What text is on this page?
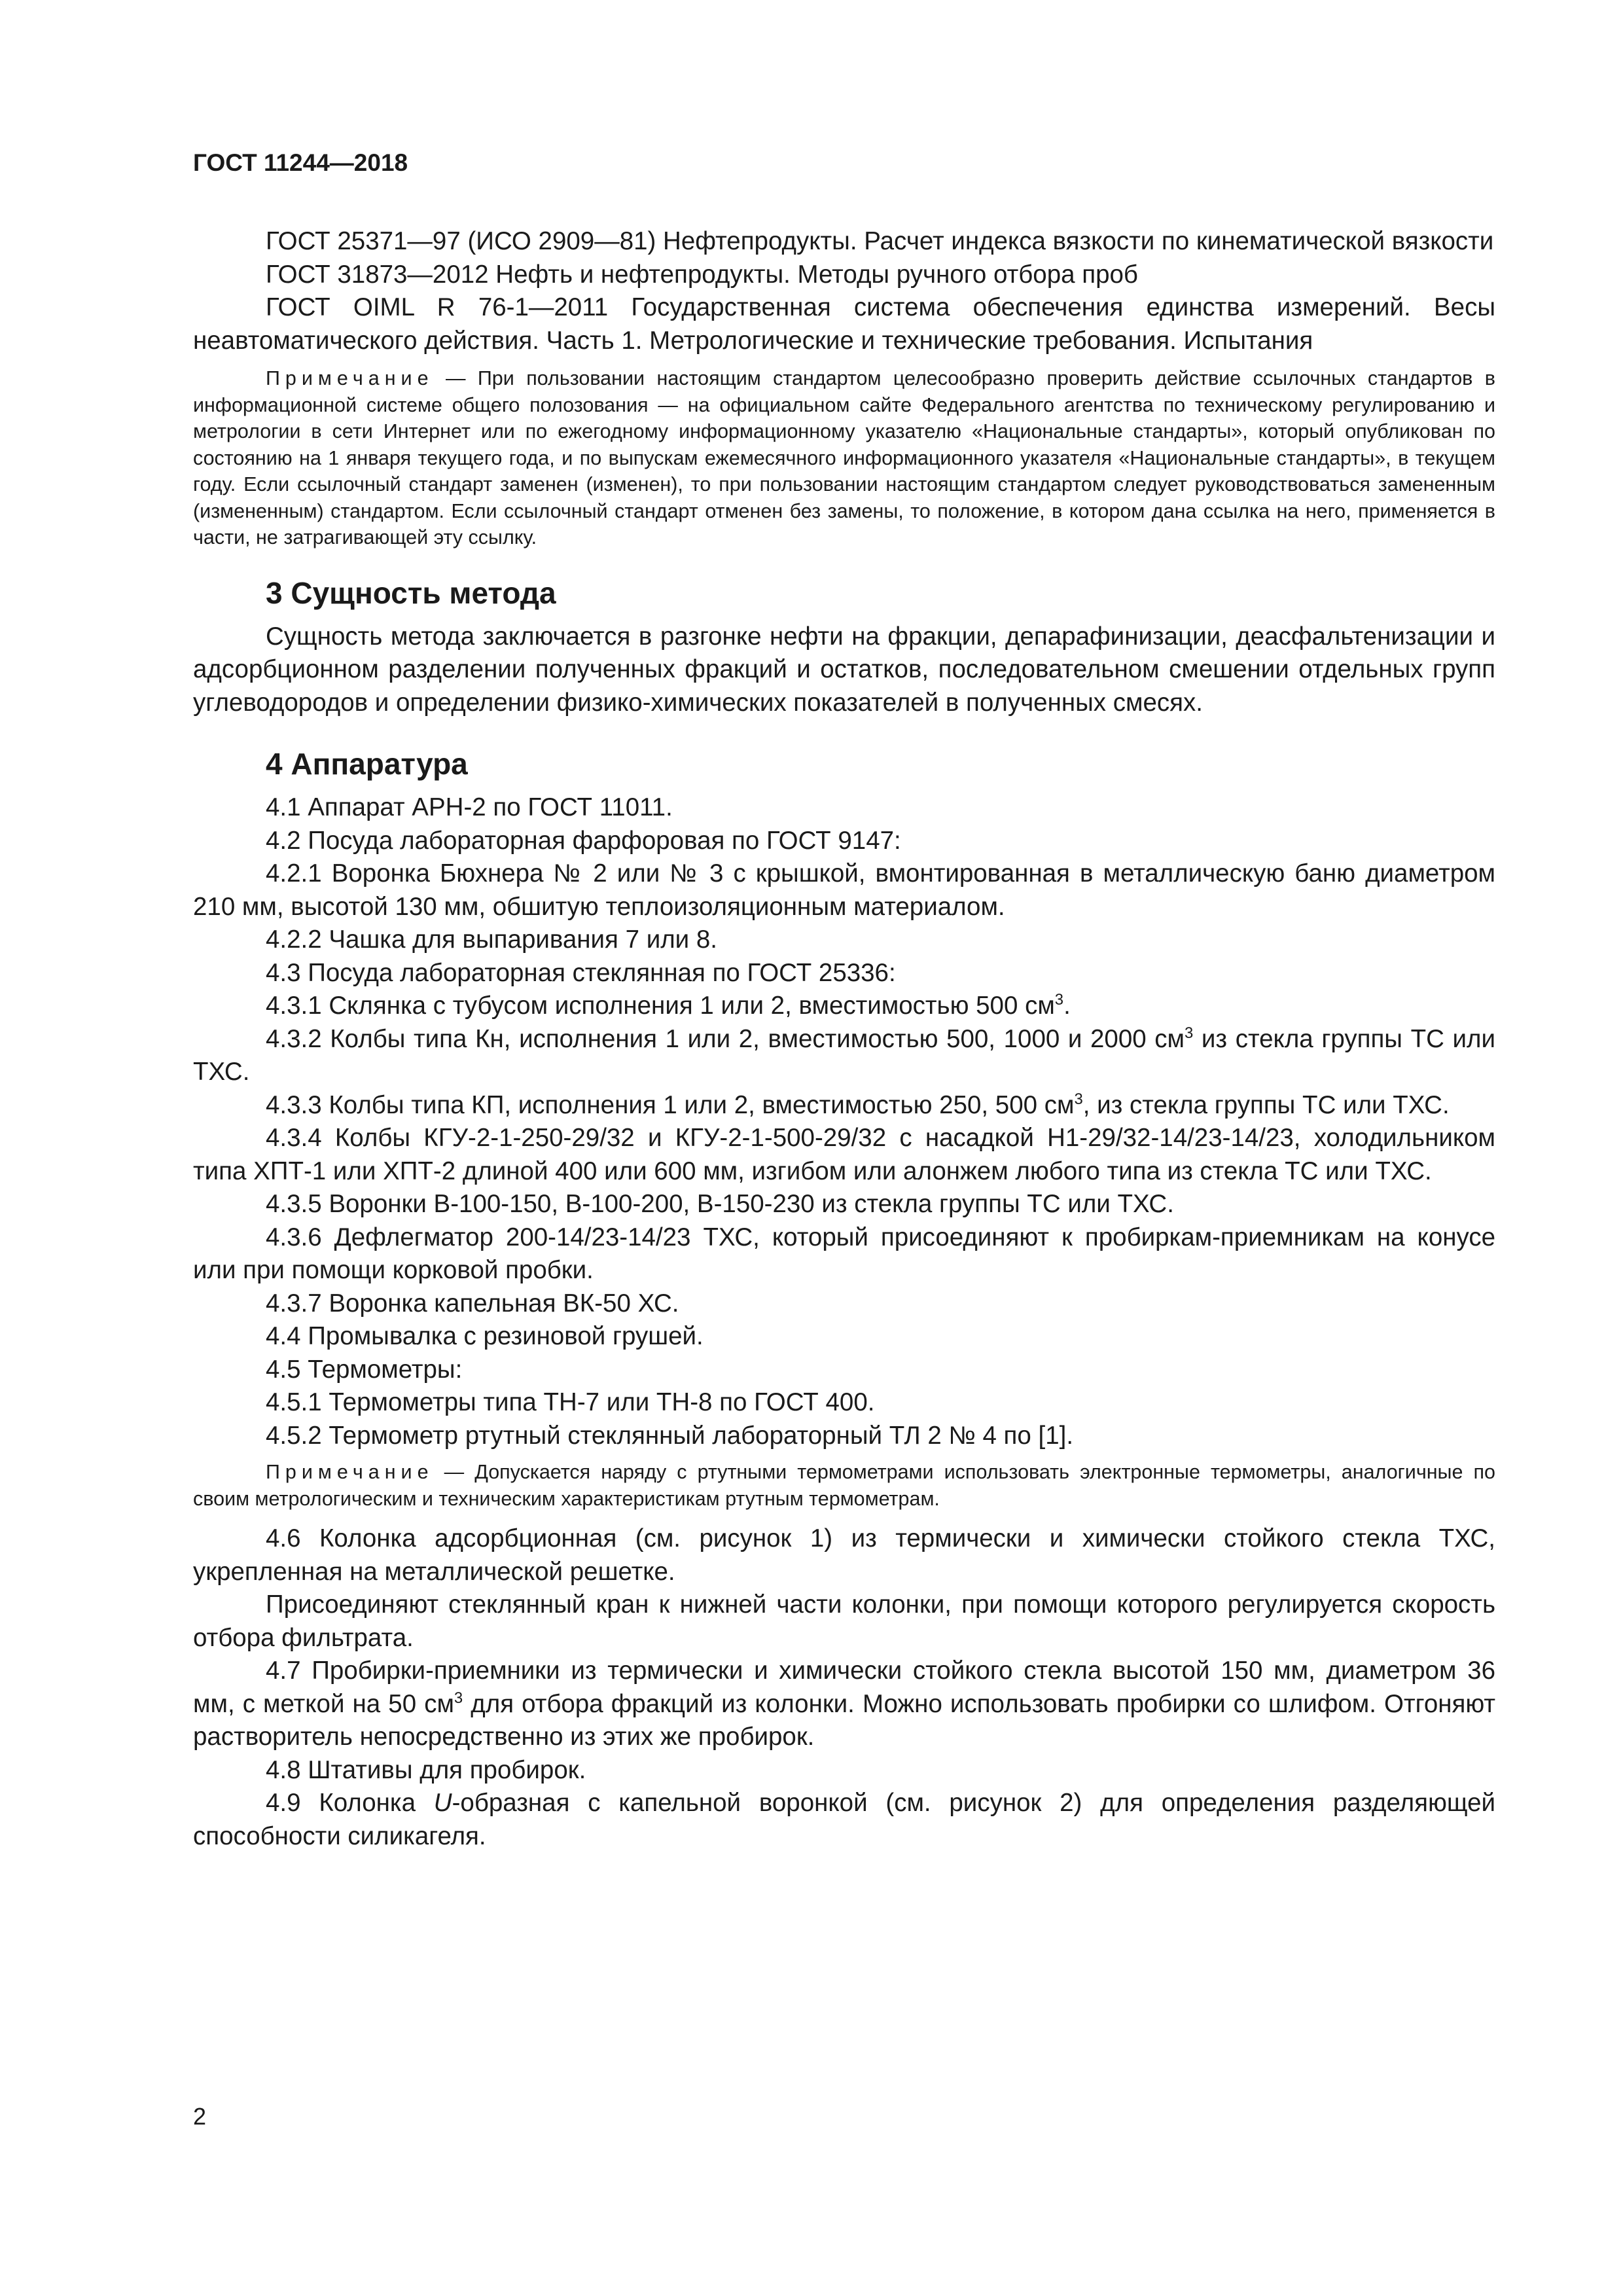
ГОСТ 11244—2018

ГОСТ 25371—97 (ИСО 2909—81) Нефтепродукты. Расчет индекса вязкости по кинематической вязкости

ГОСТ 31873—2012 Нефть и нефтепродукты. Методы ручного отбора проб

ГОСТ OIML R 76-1—2011 Государственная система обеспечения единства измерений. Весы неавтоматического действия. Часть 1. Метрологические и технические требования. Испытания

Примечание — При пользовании настоящим стандартом целесообразно проверить действие ссылочных стандартов в информационной системе общего полозования — на официальном сайте Федерального агентства по техническому регулированию и метрологии в сети Интернет или по ежегодному информационному указателю «Национальные стандарты», который опубликован по состоянию на 1 января текущего года, и по выпускам ежемесячного информационного указателя «Национальные стандарты», в текущем году. Если ссылочный стандарт заменен (изменен), то при пользовании настоящим стандартом следует руководствоваться замененным (измененным) стандартом. Если ссылочный стандарт отменен без замены, то положение, в котором дана ссылка на него, применяется в части, не затрагивающей эту ссылку.

3 Сущность метода

Сущность метода заключается в разгонке нефти на фракции, депарафинизации, деасфальтенизации и адсорбционном разделении полученных фракций и остатков, последовательном смешении отдельных групп углеводородов и определении физико-химических показателей в полученных смесях.

4 Аппаратура

4.1 Аппарат АРН-2 по ГОСТ 11011.

4.2 Посуда лабораторная фарфоровая по ГОСТ 9147:

4.2.1 Воронка Бюхнера № 2 или № 3 с крышкой, вмонтированная в металлическую баню диаметром 210 мм, высотой 130 мм, обшитую теплоизоляционным материалом.

4.2.2 Чашка для выпаривания 7 или 8.

4.3 Посуда лабораторная стеклянная по ГОСТ 25336:

4.3.1 Склянка с тубусом исполнения 1 или 2, вместимостью 500 $см^3$.

4.3.2 Колбы типа Кн, исполнения 1 или 2, вместимостью 500, 1000 и 2000 $см^3$ из стекла группы ТС или ТХС.

4.3.3 Колбы типа КП, исполнения 1 или 2, вместимостью 250, 500 $см^3$, из стекла группы ТС или ТХС.

4.3.4 Колбы КГУ-2-1-250-29/32 и КГУ-2-1-500-29/32 с насадкой Н1-29/32-14/23-14/23, холодильником типа ХПТ-1 или ХПТ-2 длиной 400 или 600 мм, изгибом или алонжем любого типа из стекла ТС или ТХС.

4.3.5 Воронки В-100-150, В-100-200, В-150-230 из стекла группы ТС или ТХС.

4.3.6 Дефлегматор 200-14/23-14/23 ТХС, который присоединяют к пробиркам-приемникам на конусе или при помощи корковой пробки.

4.3.7 Воронка капельная ВК-50 ХС.

4.4 Промывалка с резиновой грушей.

4.5 Термометры:

4.5.1 Термометры типа ТН-7 или ТН-8 по ГОСТ 400.

4.5.2 Термометр ртутный стеклянный лабораторный ТЛ 2 № 4 по [1].

Примечание — Допускается наряду с ртутными термометрами использовать электронные термометры, аналогичные по своим метрологическим и техническим характеристикам ртутным термометрам.

4.6 Колонка адсорбционная (см. рисунок 1) из термически и химически стойкого стекла ТХС, укрепленная на металлической решетке.

Присоединяют стеклянный кран к нижней части колонки, при помощи которого регулируется скорость отбора фильтрата.

4.7 Пробирки-приемники из термически и химически стойкого стекла высотой 150 мм, диаметром 36 мм, с меткой на 50 $см^3$ для отбора фракций из колонки. Можно использовать пробирки со шлифом. Отгоняют растворитель непосредственно из этих же пробирок.

4.8 Штативы для пробирок.

4.9 Колонка U-образная с капельной воронкой (см. рисунок 2) для определения разделяющей способности силикагеля.

2
